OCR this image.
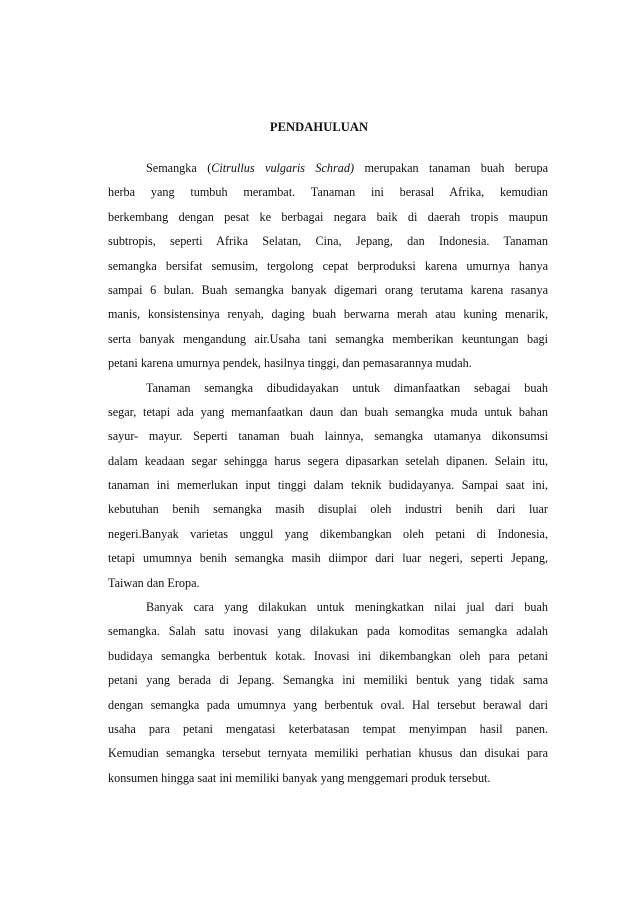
PENDAHULUAN
Semangka (Citrullus vulgaris Schrad) merupakan tanaman buah berupa
herba yang tumbuh merambat. Tanaman ini berasal Afrika, kemudian
berkembang dengan pesat ke berbagai negara baik di daerah tropis maupun
subtropis, seperti Afrika Selatan, Cina, Jepang, dan Indonesia. Tanaman
semangka bersifat semusim, tergolong cepat berproduksi karena umurnya hanya
sampai 6 bulan. Buah semangka banyak digemari orang terutama karena rasanya
manis, konsistensinya renyah, daging buah berwarna merah atau kuning menarik,
serta banyak mengandung air.Usaha tani semangka memberikan keuntungan bagi
petani karena umurnya pendek, hasilnya tinggi, dan pemasarannya mudah.
Tanaman semangka dibudidayakan untuk dimanfaatkan sebagai buah
segar, tetapi ada yang memanfaatkan daun dan buah semangka muda untuk bahan
sayur- mayur. Seperti tanaman buah lainnya, semangka utamanya dikonsumsi
dalam keadaan segar sehingga harus segera dipasarkan setelah dipanen. Selain itu,
tanaman ini memerlukan input tinggi dalam teknik budidayanya. Sampai saat ini,
kebutuhan benih semangka masih disuplai oleh industri benih dari luar
negeri.Banyak varietas unggul yang dikembangkan oleh petani di Indonesia,
tetapi umumnya benih semangka masih diimpor dari luar negeri, seperti Jepang,
Taiwan dan Eropa.
Banyak cara yang dilakukan untuk meningkatkan nilai jual dari buah
semangka. Salah satu inovasi yang dilakukan pada komoditas semangka adalah
budidaya semangka berbentuk kotak. Inovasi ini dikembangkan oleh para petani
petani yang berada di Jepang. Semangka ini memiliki bentuk yang tidak sama
dengan semangka pada umumnya yang berbentuk oval. Hal tersebut berawal dari
usaha para petani mengatasi keterbatasan tempat menyimpan hasil panen.
Kemudian semangka tersebut ternyata memiliki perhatian khusus dan disukai para
konsumen hingga saat ini memiliki banyak yang menggemari produk tersebut.
